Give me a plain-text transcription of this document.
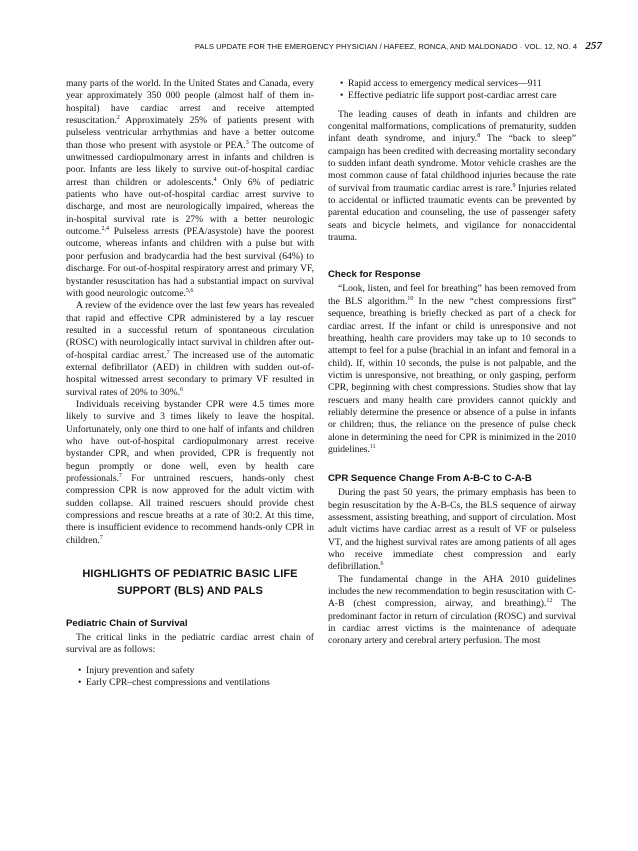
PALS UPDATE FOR THE EMERGENCY PHYSICIAN / HAFEEZ, RONCA, AND MALDONADO · VOL. 12, NO. 4 257

many parts of the world. In the United States and Canada, every year approximately 350 000 people (almost half of them in-hospital) have cardiac arrest and receive attempted resuscitation.$^2$ Approximately 25% of patients present with pulseless ventricular arrhythmias and have a better outcome than those who present with asystole or PEA.$^3$ The outcome of unwitnessed cardiopulmonary arrest in infants and children is poor. Infants are less likely to survive out-of-hospital cardiac arrest than children or adolescents.$^4$ Only 6% of pediatric patients who have out-of-hospital cardiac arrest survive to discharge, and most are neurologically impaired, whereas the in-hospital survival rate is 27% with a better neurologic outcome.$^{2,4}$ Pulseless arrests (PEA/asystole) have the poorest outcome, whereas infants and children with a pulse but with poor perfusion and bradycardia had the best survival (64%) to discharge. For out-of-hospital respiratory arrest and primary VF, bystander resuscitation has had a substantial impact on survival with good neurologic outcome.$^{5,6}$

A review of the evidence over the last few years has revealed that rapid and effective CPR administered by a lay rescuer resulted in a successful return of spontaneous circulation (ROSC) with neurologically intact survival in children after out-of-hospital cardiac arrest.$^7$ The increased use of the automatic external defibrillator (AED) in children with sudden out-of-hospital witnessed arrest secondary to primary VF resulted in survival rates of 20% to 30%.$^6$

Individuals receiving bystander CPR were 4.5 times more likely to survive and 3 times likely to leave the hospital. Unfortunately, only one third to one half of infants and children who have out-of-hospital cardiopulmonary arrest receive bystander CPR, and when provided, CPR is frequently not begun promptly or done well, even by health care professionals.$^7$ For untrained rescuers, hands-only chest compression CPR is now approved for the adult victim with sudden collapse. All trained rescuers should provide chest compressions and rescue breaths at a rate of 30:2. At this time, there is insufficient evidence to recommend hands-only CPR in children.$^7$

HIGHLIGHTS OF PEDIATRIC BASIC LIFE SUPPORT (BLS) AND PALS
Pediatric Chain of Survival

The critical links in the pediatric cardiac arrest chain of survival are as follows:

• Injury prevention and safety

• Early CPR–chest compressions and ventilations

• Rapid access to emergency medical services—911

• Effective pediatric life support post-cardiac arrest care

The leading causes of death in infants and children are congenital malformations, complications of prematurity, sudden infant death syndrome, and injury.$^8$ The “back to sleep” campaign has been credited with decreasing mortality secondary to sudden infant death syndrome. Motor vehicle crashes are the most common cause of fatal childhood injuries because the rate of survival from traumatic cardiac arrest is rare.$^9$ Injuries related to accidental or inflicted traumatic events can be prevented by parental education and counseling, the use of passenger safety seats and bicycle helmets, and vigilance for nonaccidental trauma.

Check for Response

“Look, listen, and feel for breathing” has been removed from the BLS algorithm.$^{10}$ In the new “chest compressions first” sequence, breathing is briefly checked as part of a check for cardiac arrest. If the infant or child is unresponsive and not breathing, health care providers may take up to 10 seconds to attempt to feel for a pulse (brachial in an infant and femoral in a child). If, within 10 seconds, the pulse is not palpable, and the victim is unresponsive, not breathing, or only gasping, perform CPR, beginning with chest compressions. Studies show that lay rescuers and many health care providers cannot quickly and reliably determine the presence or absence of a pulse in infants or children; thus, the reliance on the presence of pulse check alone in determining the need for CPR is minimized in the 2010 guidelines.$^{11}$

CPR Sequence Change From A-B-C to C-A-B

During the past 50 years, the primary emphasis has been to begin resuscitation by the A-B-Cs, the BLS sequence of airway assessment, assisting breathing, and support of circulation. Most adult victims have cardiac arrest as a result of VF or pulseless VT, and the highest survival rates are among patients of all ages who receive immediate chest compression and early defibrillation.$^6$

The fundamental change in the AHA 2010 guidelines includes the new recommendation to begin resuscitation with C-A-B (chest compression, airway, and breathing).$^{12}$ The predominant factor in return of circulation (ROSC) and survival in cardiac arrest victims is the maintenance of adequate coronary artery and cerebral artery perfusion. The most
